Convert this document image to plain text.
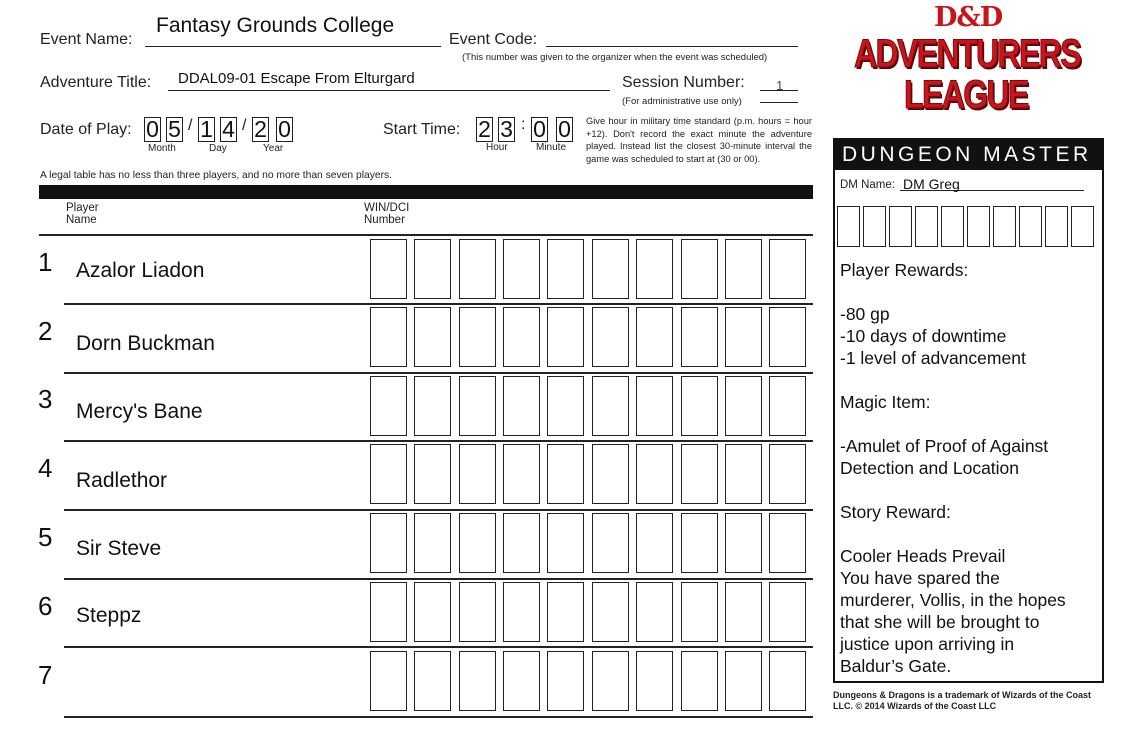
Event Name:
Fantasy Grounds College
Event Code:
(This number was given to the organizer when the event was scheduled)
Adventure Title: DDAL09-01 Escape From Elturgard	Session Number: 1
(For administrative use only)
Date of Play: 0 5 / 1 4 / 2 0
Month	Day	Year
Start Time: 2 3 : 0 0
Hour	Minute
Give hour in military time standard (p.m. hours = hour +12). Don't record the exact minute the adventure played. Instead list the closest 30-minute interval the game was scheduled to start at (30 or 00).
A legal table has no less than three players, and no more than seven players.
Player
Name
WIN/DCI
Number
1 Azalor Liadon
2 Dorn Buckman
3 Mercy's Bane
4 Radlethor
5 Sir Steve
6 Steppz
7
D&D
ADVENTURERS
LEAGUE
DUNGEON MASTER
DM Name: DM Greg
Player Rewards:

-80 gp
-10 days of downtime
-1 level of advancement

Magic Item:

-Amulet of Proof of Against
Detection and Location

Story Reward:

Cooler Heads Prevail
You have spared the
murderer, Vollis, in the hopes
that she will be brought to
justice upon arriving in
Baldur’s Gate.
Dungeons & Dragons is a trademark of Wizards of the Coast LLC. © 2014 Wizards of the Coast LLC
